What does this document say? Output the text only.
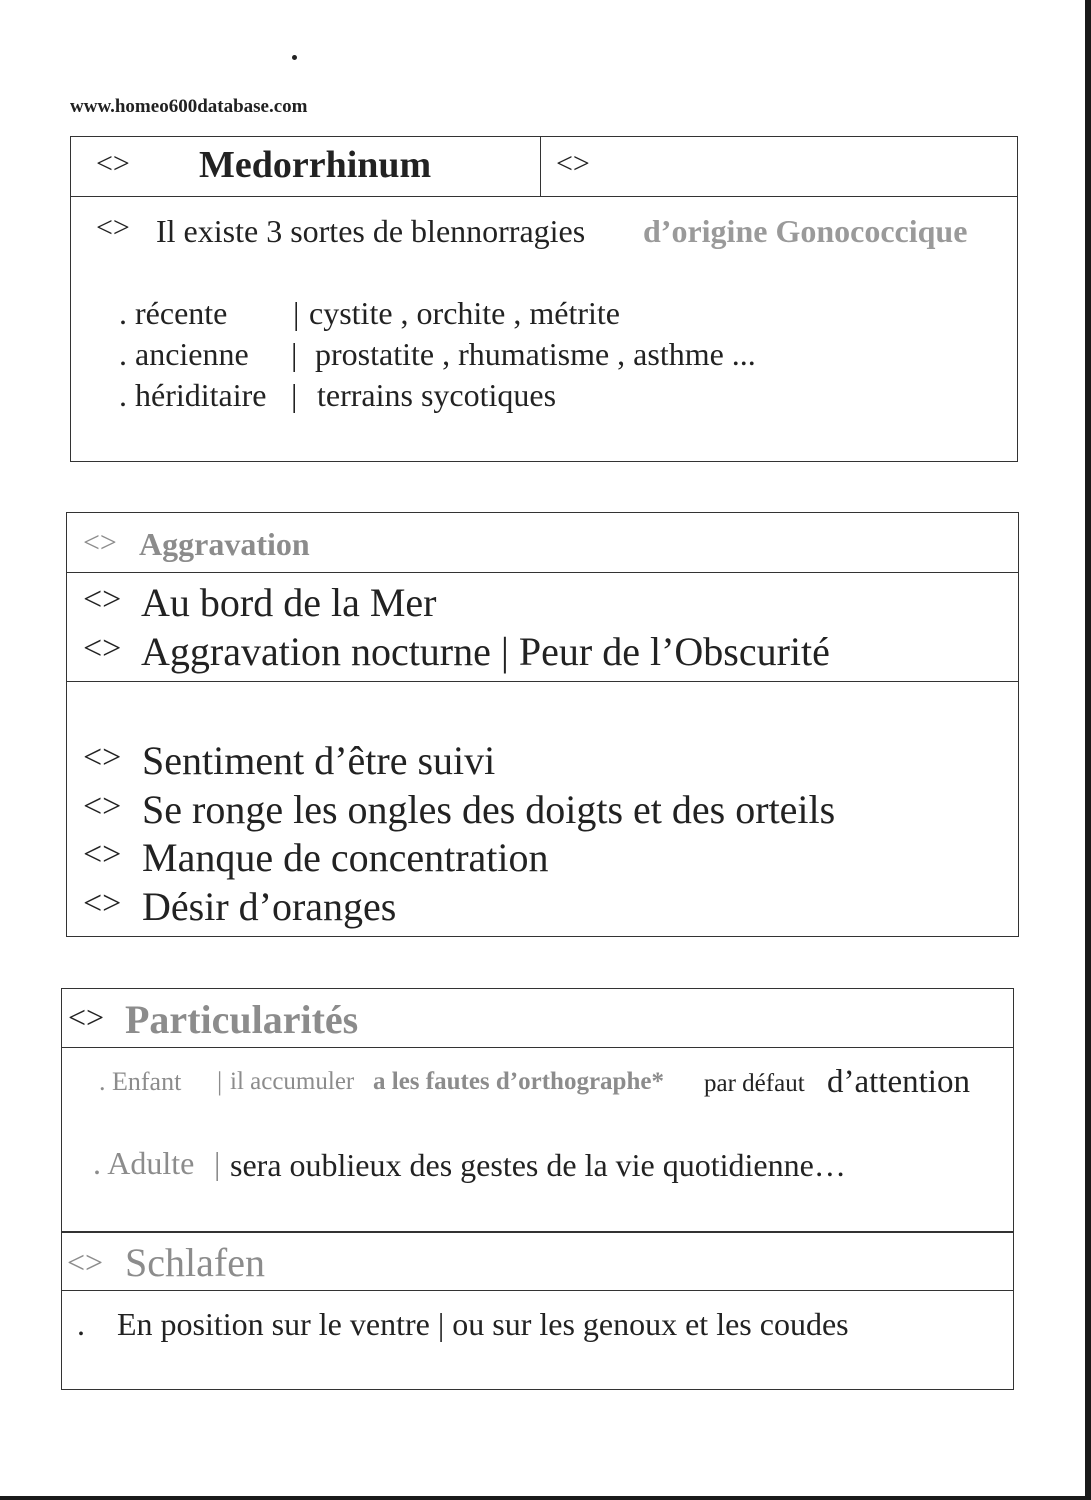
www.homeo600database.com
<> Medorrhinum	<>
<> Il existe 3 sortes de blennorragies d’origine Gonococcique
. récente | cystite , orchite , métrite
. ancienne | prostatite , rhumatisme , asthme ...
. hériditaire | terrains sycotiques
<> Aggravation
<> Au bord de la Mer
<> Aggravation nocturne | Peur de l’Obscurité
<> Sentiment d’être suivi
<> Se ronge les ongles des doigts et des orteils
<> Manque de concentration
<> Désir d’oranges
<> Particularités
. Enfant | il accumuler a les fautes d’orthographe* par défaut d’attention
. Adulte | sera oublieux des gestes de la vie quotidienne…
<> Schlafen
. En position sur le ventre | ou sur les genoux et les coudes
